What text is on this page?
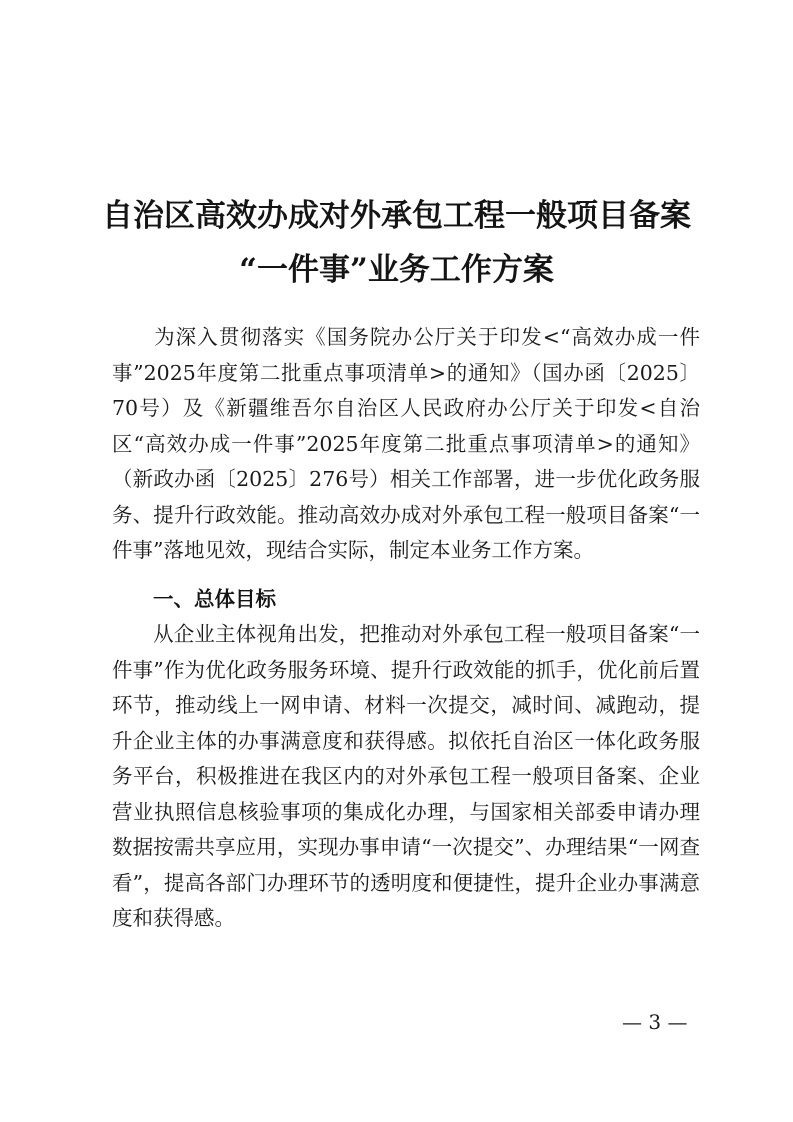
自治区高效办成对外承包工程一般项目备案
“一件事”业务工作方案
为深入贯彻落实《国务院办公厅关于印发<“高效办成一件事”2025年度第二批重点事项清单>的通知》（国办函〔2025〕70号）及《新疆维吾尔自治区人民政府办公厅关于印发<自治区“高效办成一件事”2025年度第二批重点事项清单>的通知》（新政办函〔2025〕276号）相关工作部署，进一步优化政务服务、提升行政效能。推动高效办成对外承包工程一般项目备案“一件事”落地见效，现结合实际，制定本业务工作方案。
一、总体目标
从企业主体视角出发，把推动对外承包工程一般项目备案“一件事”作为优化政务服务环境、提升行政效能的抓手，优化前后置环节，推动线上一网申请、材料一次提交，减时间、减跑动，提升企业主体的办事满意度和获得感。拟依托自治区一体化政务服务平台，积极推进在我区内的对外承包工程一般项目备案、企业营业执照信息核验事项的集成化办理，与国家相关部委申请办理数据按需共享应用，实现办事申请“一次提交”、办理结果“一网查看”，提高各部门办理环节的透明度和便捷性，提升企业办事满意度和获得感。
— 3 —
